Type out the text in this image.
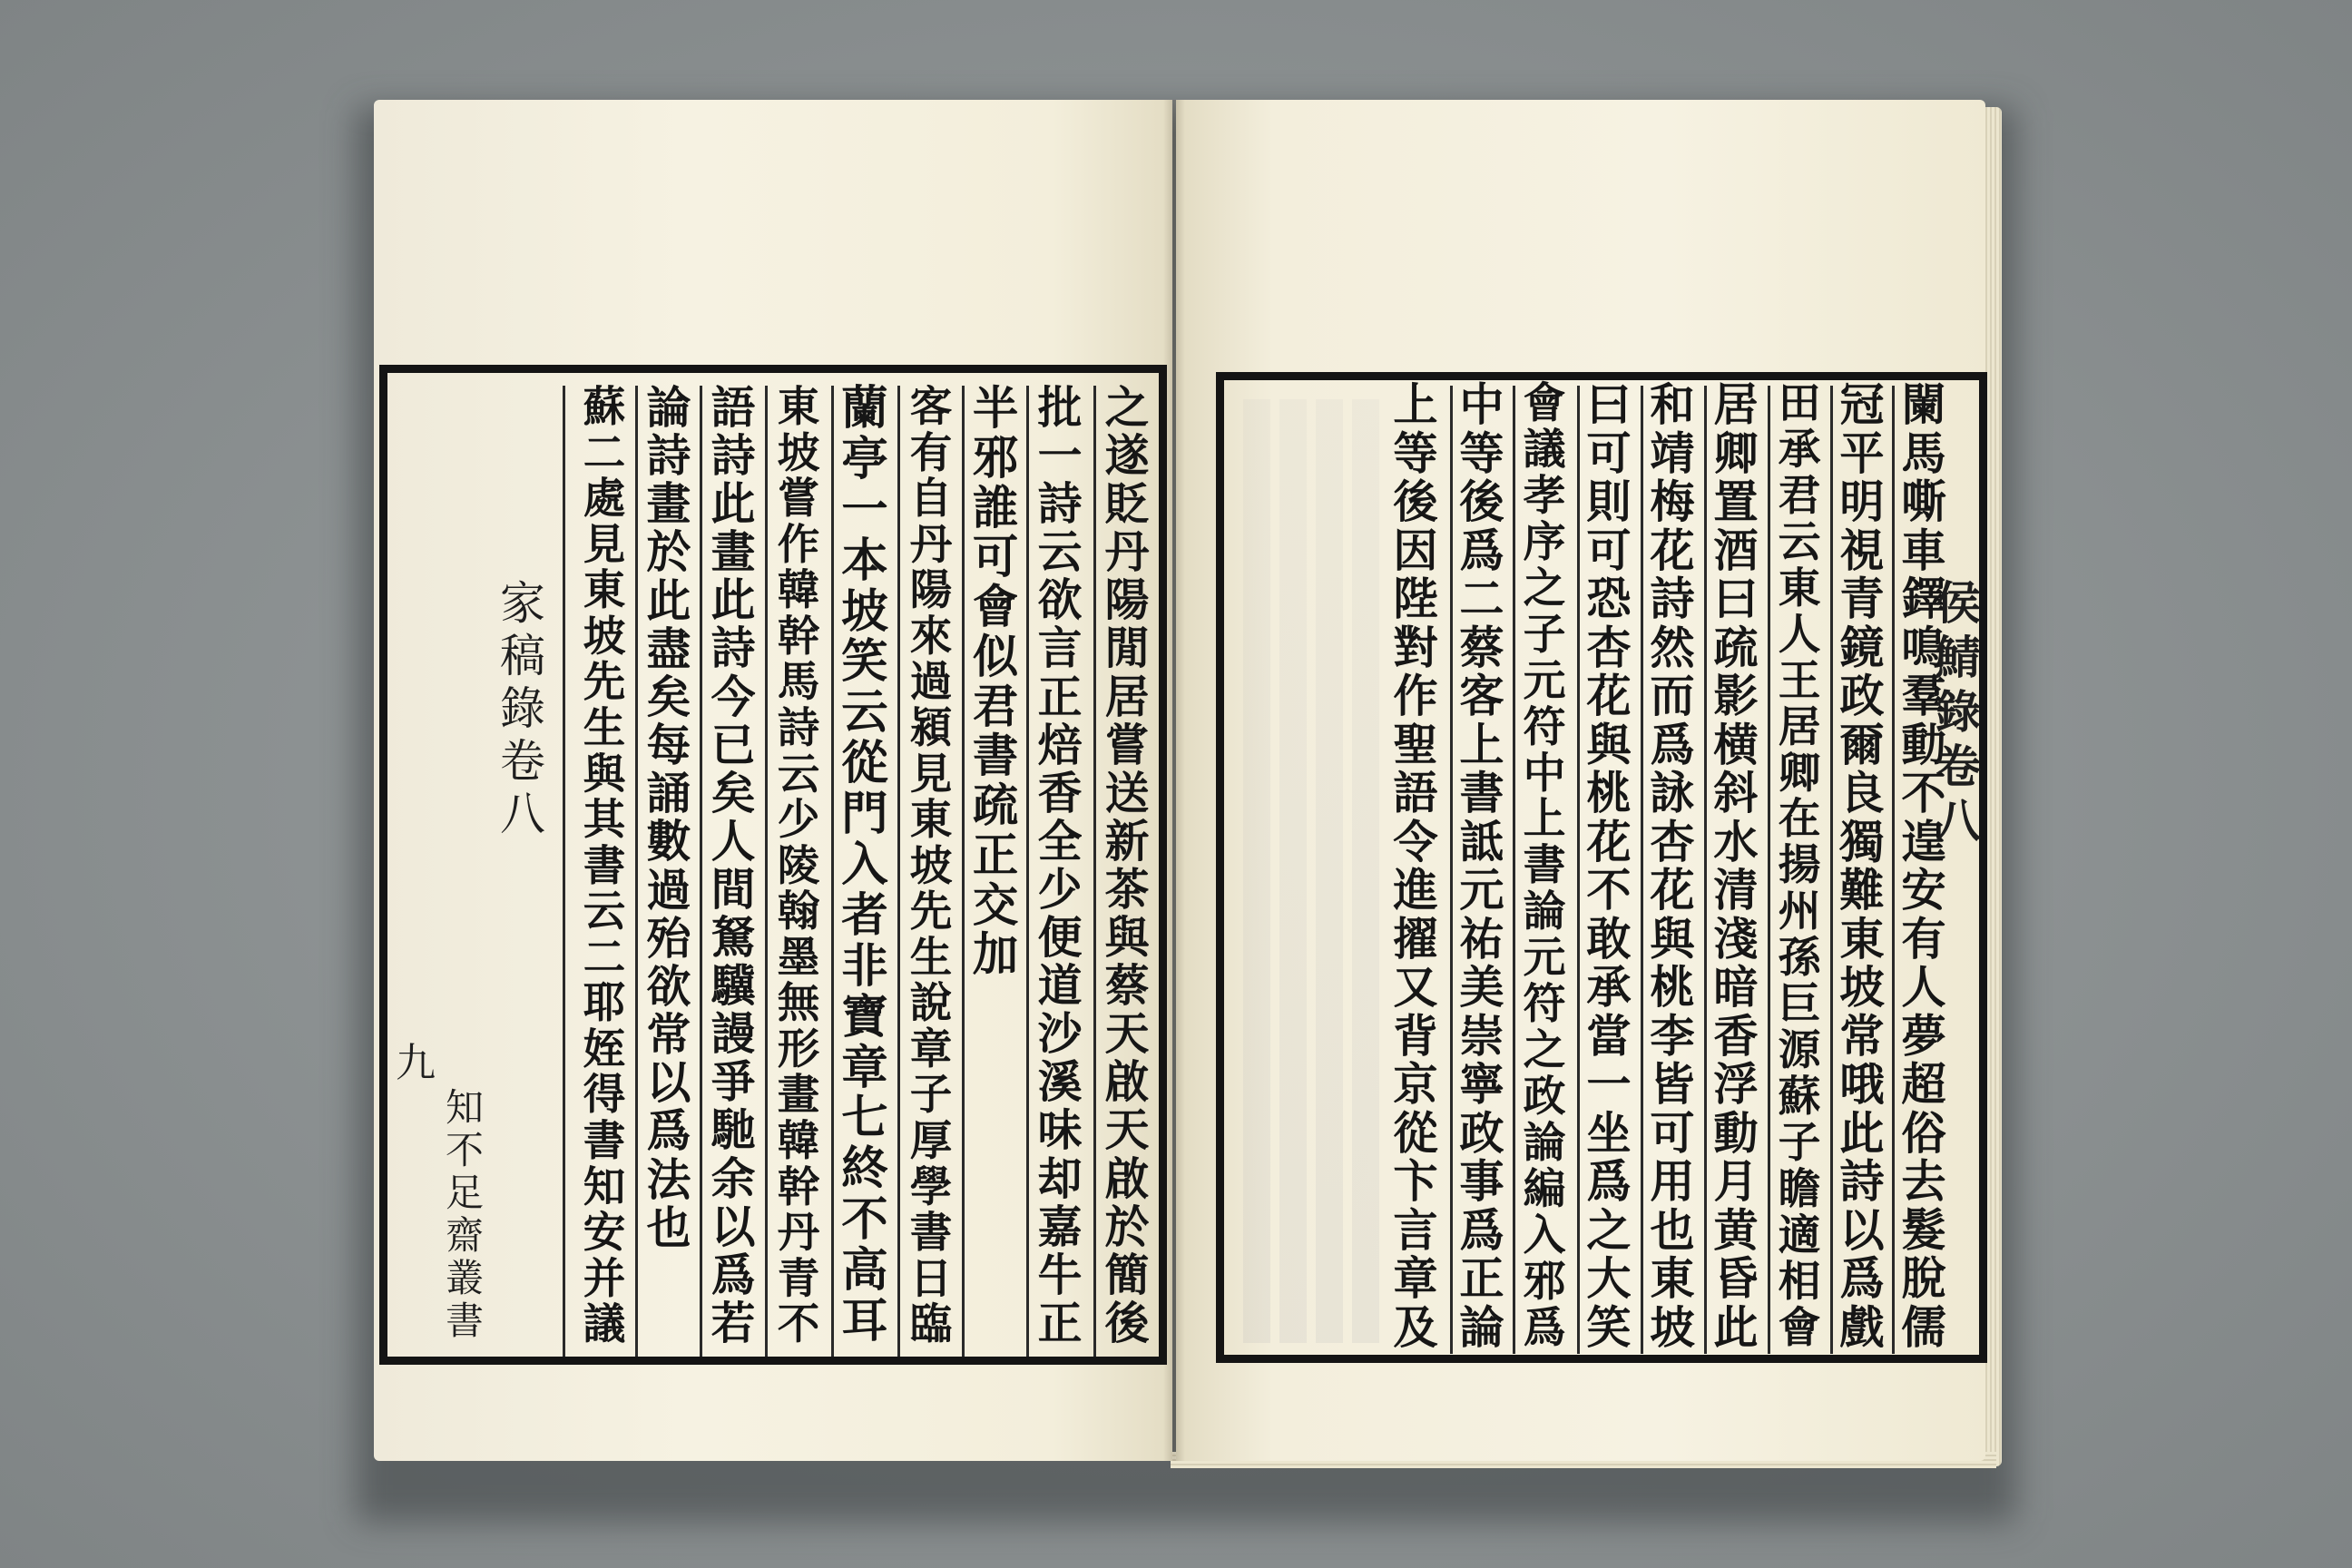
之
遂
貶
丹
陽
閒
居
嘗
送
新
茶
與
蔡
天
啟
天
啟
於
簡
後
批
一
詩
云
欲
言
正
焙
香
全
少
便
道
沙
溪
味
却
嘉
牛
正
半
邪
誰
可
會
似
君
書
疏
正
交
加
客
有
自
丹
陽
來
過
潁
見
東
坡
先
生
說
章
子
厚
學
書
日
臨
蘭
亭
一
本
坡
笑
云
從
門
入
者
非
寶
章
七
終
不
高
耳
東
坡
嘗
作
韓
幹
馬
詩
云
少
陵
翰
墨
無
形
畫
韓
幹
丹
青
不
語
詩
此
畫
此
詩
今
已
矣
人
間
駑
驥
謾
爭
馳
余
以
爲
若
論
詩
畫
於
此
盡
矣
每
誦
數
過
殆
欲
常
以
爲
法
也
蘇
二
處
見
東
坡
先
生
與
其
書
云
二
耶
姪
得
書
知
安
并
議
家
稿
錄
卷
八
九
知
不
足
齋
叢
書
闌
馬
嘶
車
鐸
鳴
羣
動
不
遑
安
有
人
夢
超
俗
去
髮
脫
儒
冠
平
明
視
青
鏡
政
爾
良
獨
難
東
坡
常
哦
此
詩
以
爲
戲
田
承
君
云
東
人
王
居
卿
在
揚
州
孫
巨
源
蘇
子
瞻
適
相
會
居
卿
置
酒
曰
疏
影
横
斜
水
清
淺
暗
香
浮
動
月
黄
昏
此
和
靖
梅
花
詩
然
而
爲
詠
杏
花
與
桃
李
皆
可
用
也
東
坡
曰
可
則
可
恐
杏
花
與
桃
花
不
敢
承
當
一
坐
爲
之
大
笑
會
議
孝
序
之
子
元
符
中
上
書
論
元
符
之
政
論
編
入
邪
爲
中
等
後
爲
二
蔡
客
上
書
詆
元
祐
美
崇
寧
政
事
爲
正
論
上
等
後
因
陛
對
作
聖
語
令
進
擢
又
背
京
從
卞
言
章
及
侯
鯖
錄
卷
八
